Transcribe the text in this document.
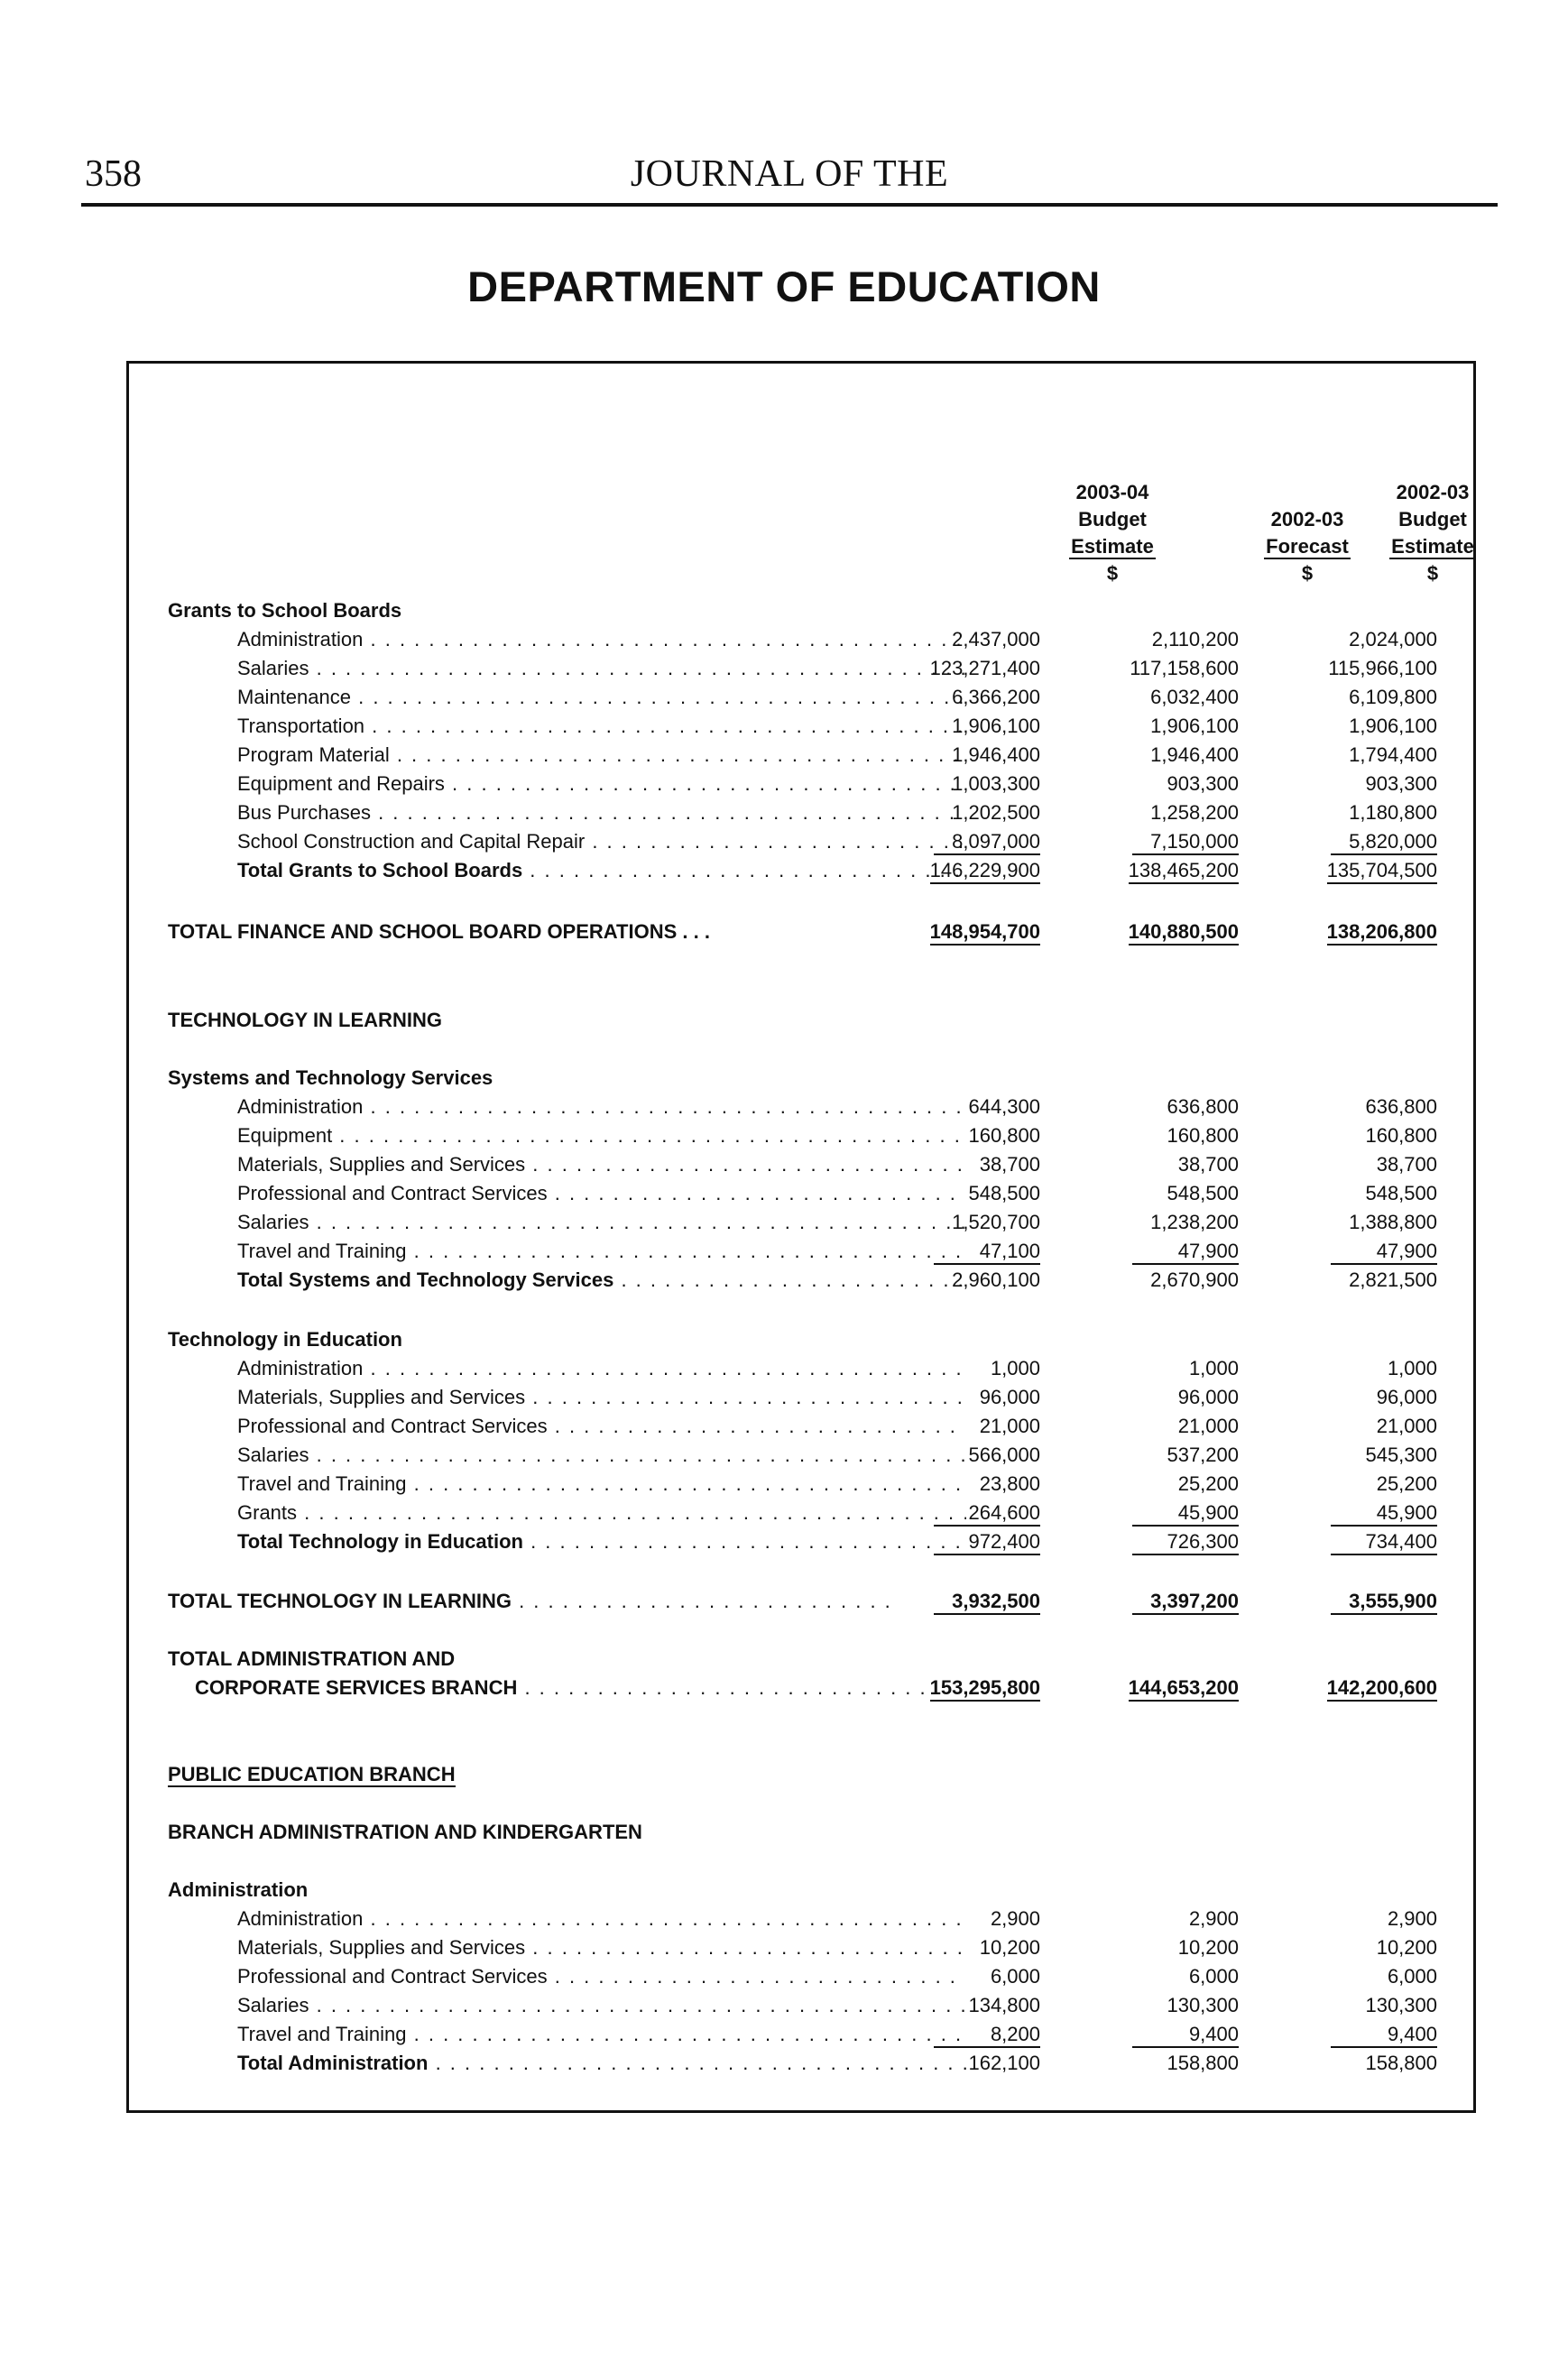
358	JOURNAL OF THE
DEPARTMENT OF EDUCATION
2003-04
Budget
Estimate
$
2002-03
Forecast
$
2002-03
Budget
Estimate
$
Grants to School Boards
Administration . . .	2,437,000	2,110,200	2,024,000
Salaries . . .	123,271,400	117,158,600	115,966,100
Maintenance . . .	6,366,200	6,032,400	6,109,800
Transportation . . .	1,906,100	1,906,100	1,906,100
Program Material . . .	1,946,400	1,946,400	1,794,400
Equipment and Repairs . . .	1,003,300	903,300	903,300
Bus Purchases . . .	1,202,500	1,258,200	1,180,800
School Construction and Capital Repair . . .	8,097,000	7,150,000	5,820,000
Total Grants to School Boards . . .	146,229,900	138,465,200	135,704,500
TOTAL FINANCE AND SCHOOL BOARD OPERATIONS . . .	148,954,700	140,880,500	138,206,800
TECHNOLOGY IN LEARNING
Systems and Technology Services
Administration . . .	644,300	636,800	636,800
Equipment . . .	160,800	160,800	160,800
Materials, Supplies and Services . . .	38,700	38,700	38,700
Professional and Contract Services . . .	548,500	548,500	548,500
Salaries . . .	1,520,700	1,238,200	1,388,800
Travel and Training . . .	47,100	47,900	47,900
Total Systems and Technology Services . . .	2,960,100	2,670,900	2,821,500
Technology in Education
Administration . . .	1,000	1,000	1,000
Materials, Supplies and Services . . .	96,000	96,000	96,000
Professional and Contract Services . . .	21,000	21,000	21,000
Salaries . . .	566,000	537,200	545,300
Travel and Training . . .	23,800	25,200	25,200
Grants . . .	264,600	45,900	45,900
Total Technology in Education . . .	972,400	726,300	734,400
TOTAL TECHNOLOGY IN LEARNING . . .	3,932,500	3,397,200	3,555,900
TOTAL ADMINISTRATION AND
CORPORATE SERVICES BRANCH . . .	153,295,800	144,653,200	142,200,600
PUBLIC EDUCATION BRANCH
BRANCH ADMINISTRATION AND KINDERGARTEN
Administration
Administration . . .	2,900	2,900	2,900
Materials, Supplies and Services . . .	10,200	10,200	10,200
Professional and Contract Services . . .	6,000	6,000	6,000
Salaries . . .	134,800	130,300	130,300
Travel and Training . . .	8,200	9,400	9,400
Total Administration . . .	162,100	158,800	158,800
